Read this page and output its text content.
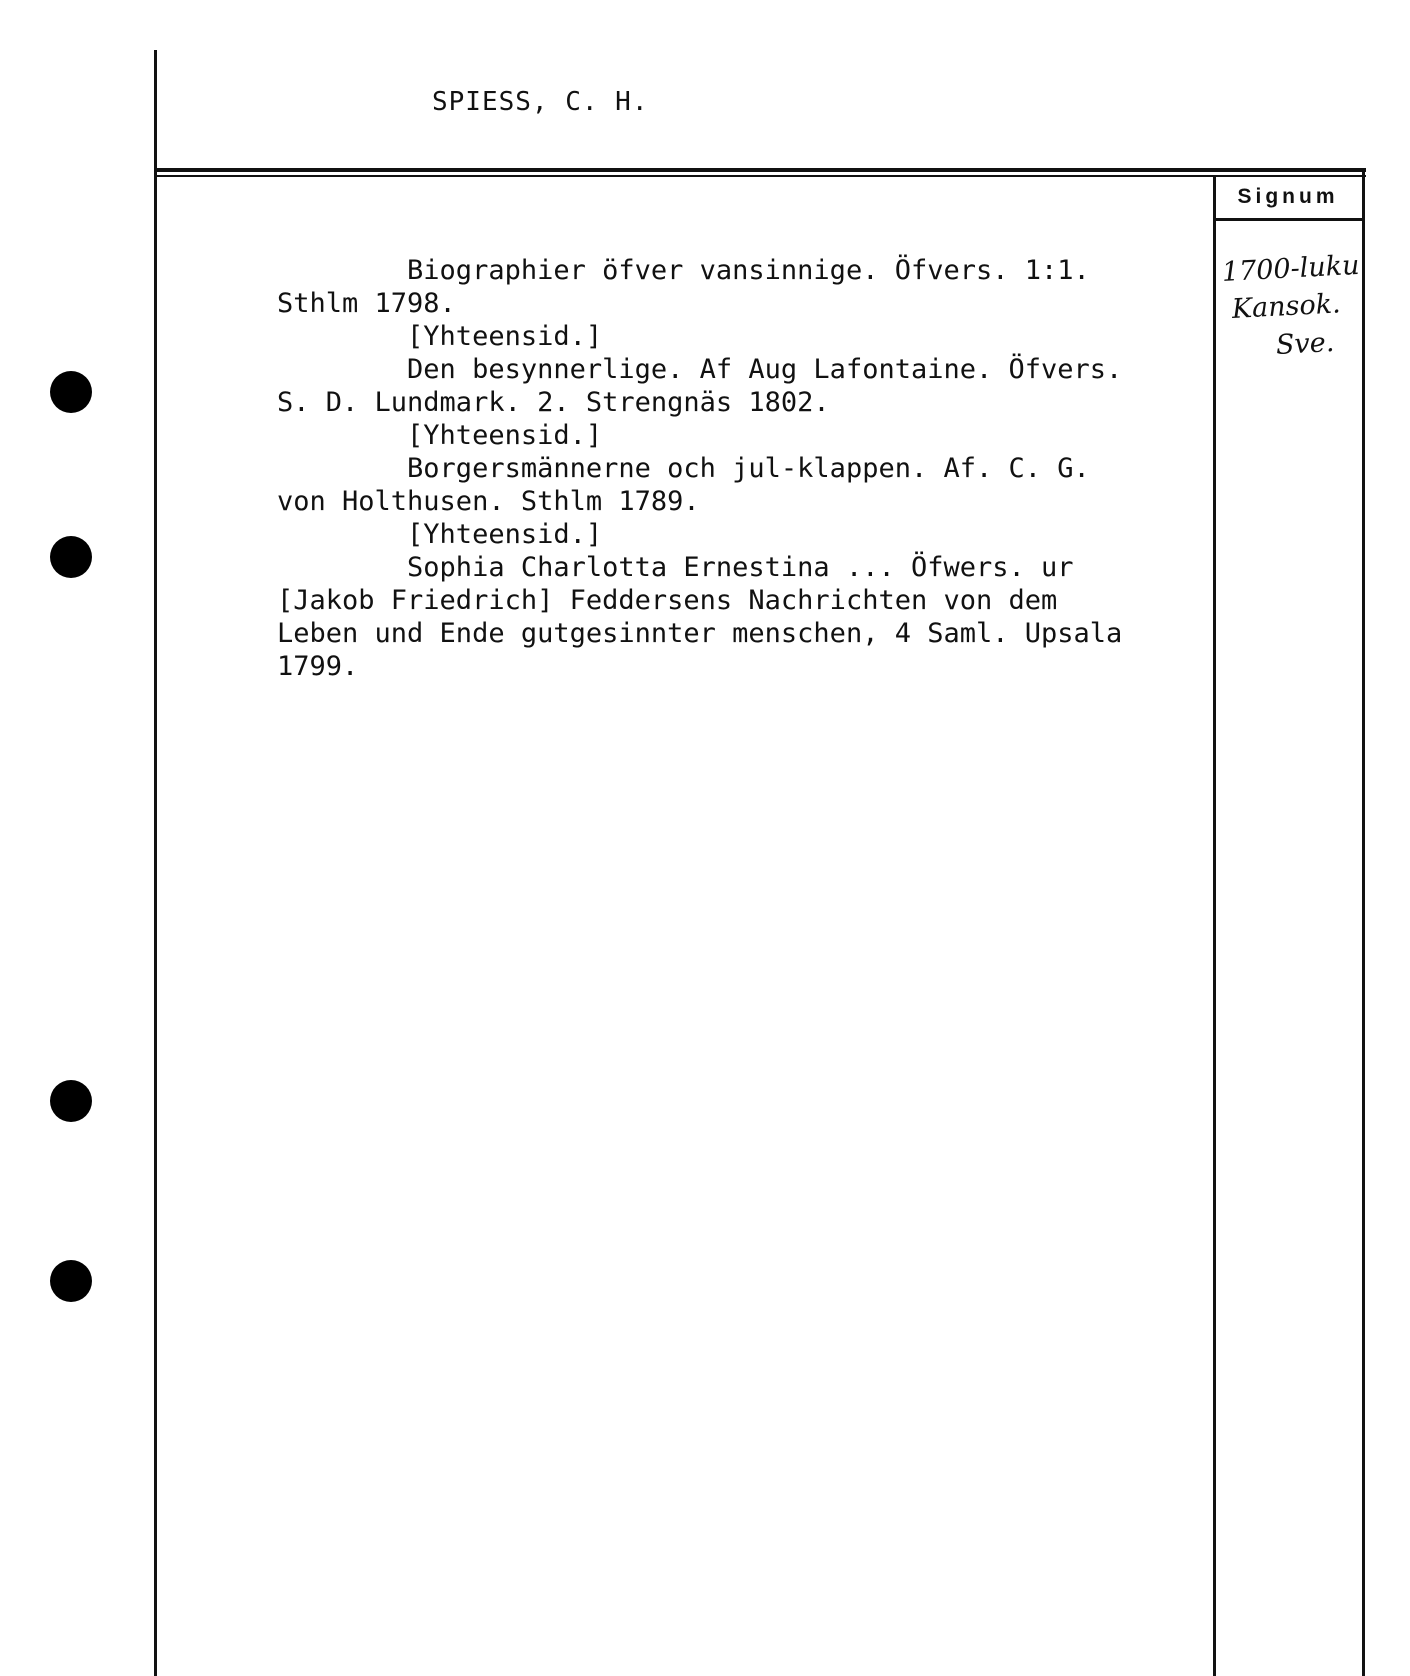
SPIESS, C. H.
Signum
1700-luku
Kansok.
Sve.
Biographier öfver vansinnige. Öfvers. 1:1.
Sthlm 1798.
[Yhteensid.]
Den besynnerlige. Af Aug Lafontaine. Öfvers.
S. D. Lundmark. 2. Strengnäs 1802.
[Yhteensid.]
Borgersmännerne och jul-klappen. Af. C. G.
von Holthusen. Sthlm 1789.
[Yhteensid.]
Sophia Charlotta Ernestina ... Öfwers. ur
[Jakob Friedrich] Feddersens Nachrichten von dem
Leben und Ende gutgesinnter menschen, 4 Saml. Upsala
1799.
